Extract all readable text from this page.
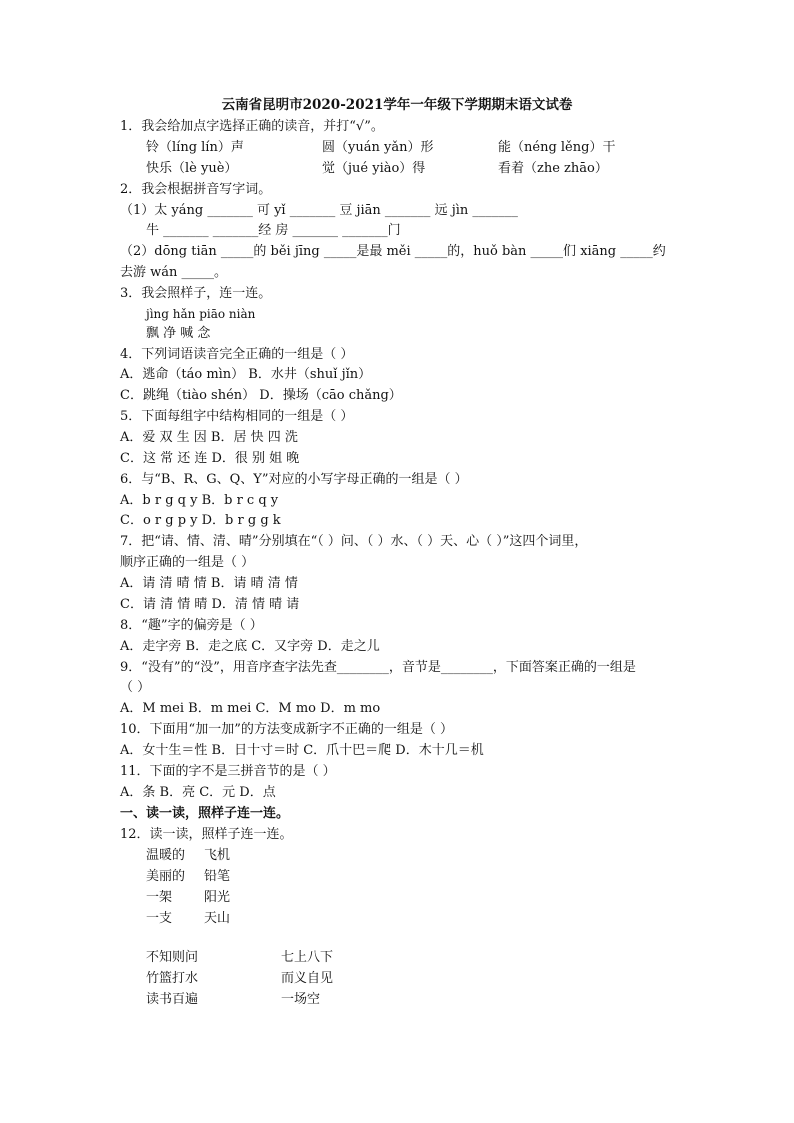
云南省昆明市2020-2021学年一年级下学期期末语文试卷
1．我会给加点字选择正确的读音，并打“√”。
铃（líng lín）声	圆（yuán yǎn）形	能（néng lěng）干
快乐（lè yuè）	觉（jué yiào）得	看着（zhe zhāo）
2．我会根据拼音写字词。
（1）太 yáng _______ 可 yǐ _______ 豆 jiān _______ 远 jìn _______
牛 _______ _______经 房 _______ _______门
（2）dōng tiān _____的 běi jīng _____是最 měi _____的，huǒ bàn _____们 xiāng _____约
去游 wán _____。
3．我会照样子，连一连。
jìng hǎn piāo niàn
飘 净 喊 念
4．下列词语读音完全正确的一组是（ ）
A．逃命（táo mìn） B．水井（shuǐ jǐn）
C．跳绳（tiào shén） D．操场（cāo chǎng）
5．下面每组字中结构相同的一组是（ ）
A．爱 双 生 因 B．居 快 四 洗
C．这 常 还 连 D．很 别 姐 晚
6．与“B、R、G、Q、Y”对应的小写字母正确的一组是（ ）
A．b r g q y B．b r c q y
C．o r g p y D．b r g g k
7．把“请、情、清、晴”分别填在“（ ）问、（ ）水、（ ）天、心（ ）”这四个词里，
顺序正确的一组是（ ）
A．请 清 晴 情 B．请 晴 清 情
C．请 清 情 晴 D．清 情 晴 请
8．“趣”字的偏旁是（ ）
A．走字旁 B．走之底 C．又字旁 D．走之儿
9．“没有”的“没”，用音序查字法先查________，音节是________，下面答案正确的一组是
（ ）
A．M mei B．m mei C．M mo D．m mo
10．下面用“加一加”的方法变成新字不正确的一组是（ ）
A．女十生＝性 B．日十寸＝时 C．爪十巴＝爬 D．木十几＝机
11．下面的字不是三拼音节的是（ ）
A．条 B．亮 C．元 D．点
一、读一读，照样子连一连。
12．读一读，照样子连一连。
温暖的 飞机
美丽的 铅笔
一架 阳光
一支 天山
不知则问	七上八下
竹篮打水	而义自见
读书百遍	一场空
